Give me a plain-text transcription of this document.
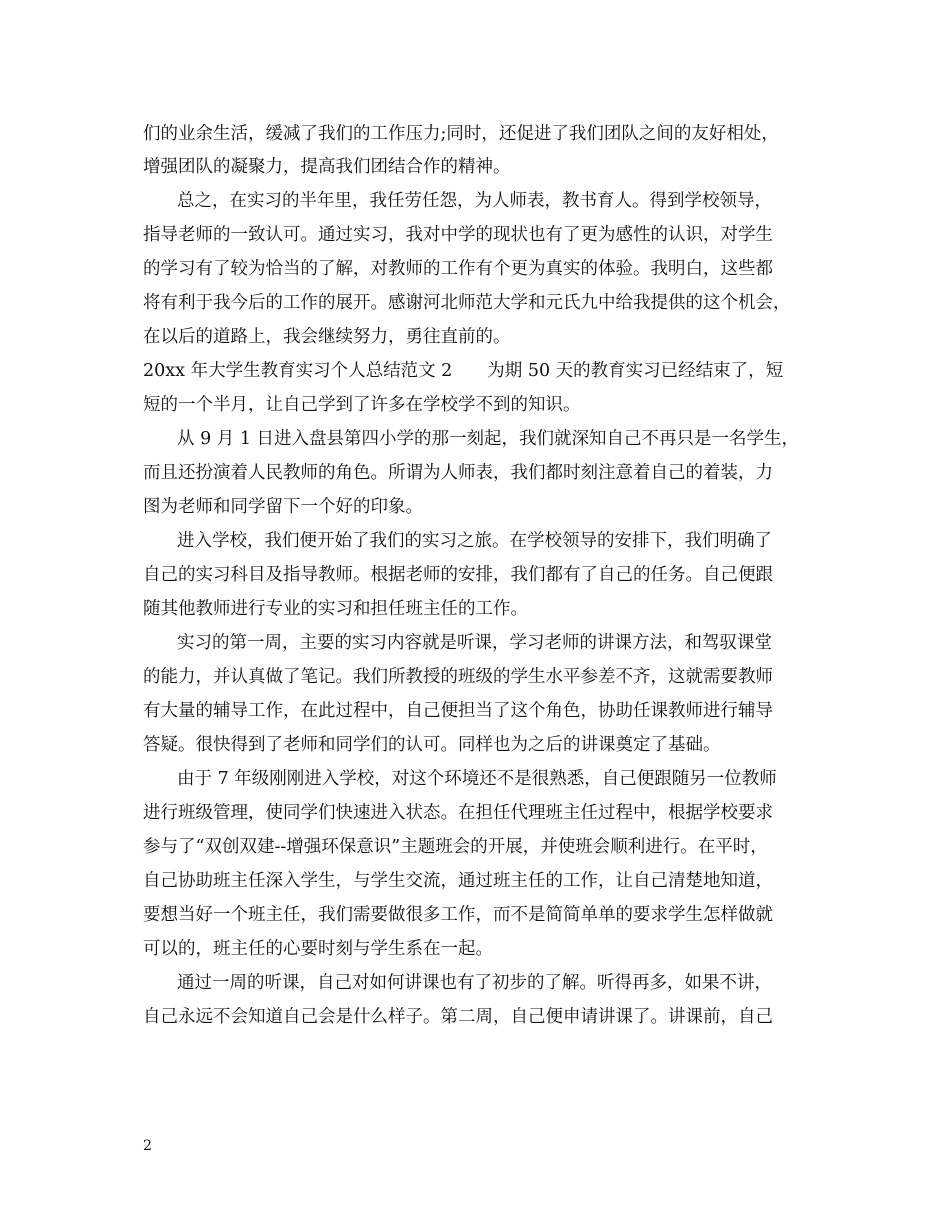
们的业余生活，缓减了我们的工作压力;同时，还促进了我们团队之间的友好相处，
增强团队的凝聚力，提高我们团结合作的精神。
总之，在实习的半年里，我任劳任怨，为人师表，教书育人。得到学校领导，
指导老师的一致认可。通过实习，我对中学的现状也有了更为感性的认识，对学生
的学习有了较为恰当的了解，对教师的工作有个更为真实的体验。我明白，这些都
将有利于我今后的工作的展开。感谢河北师范大学和元氏九中给我提供的这个机会，
在以后的道路上，我会继续努力，勇往直前的。
20xx 年大学生教育实习个人总结范文 2　　为期 50 天的教育实习已经结束了，短
短的一个半月，让自己学到了许多在学校学不到的知识。
从 9 月 1 日进入盘县第四小学的那一刻起，我们就深知自己不再只是一名学生，
而且还扮演着人民教师的角色。所谓为人师表，我们都时刻注意着自己的着装，力
图为老师和同学留下一个好的印象。
进入学校，我们便开始了我们的实习之旅。在学校领导的安排下，我们明确了
自己的实习科目及指导教师。根据老师的安排，我们都有了自己的任务。自己便跟
随其他教师进行专业的实习和担任班主任的工作。
实习的第一周，主要的实习内容就是听课，学习老师的讲课方法，和驾驭课堂
的能力，并认真做了笔记。我们所教授的班级的学生水平参差不齐，这就需要教师
有大量的辅导工作，在此过程中，自己便担当了这个角色，协助任课教师进行辅导
答疑。很快得到了老师和同学们的认可。同样也为之后的讲课奠定了基础。
由于 7 年级刚刚进入学校，对这个环境还不是很熟悉，自己便跟随另一位教师
进行班级管理，使同学们快速进入状态。在担任代理班主任过程中，根据学校要求
参与了“双创双建--增强环保意识”主题班会的开展，并使班会顺利进行。在平时，
自己协助班主任深入学生，与学生交流，通过班主任的工作，让自己清楚地知道，
要想当好一个班主任，我们需要做很多工作，而不是简简单单的要求学生怎样做就
可以的，班主任的心要时刻与学生系在一起。
通过一周的听课，自己对如何讲课也有了初步的了解。听得再多，如果不讲，
自己永远不会知道自己会是什么样子。第二周，自己便申请讲课了。讲课前，自己
2
